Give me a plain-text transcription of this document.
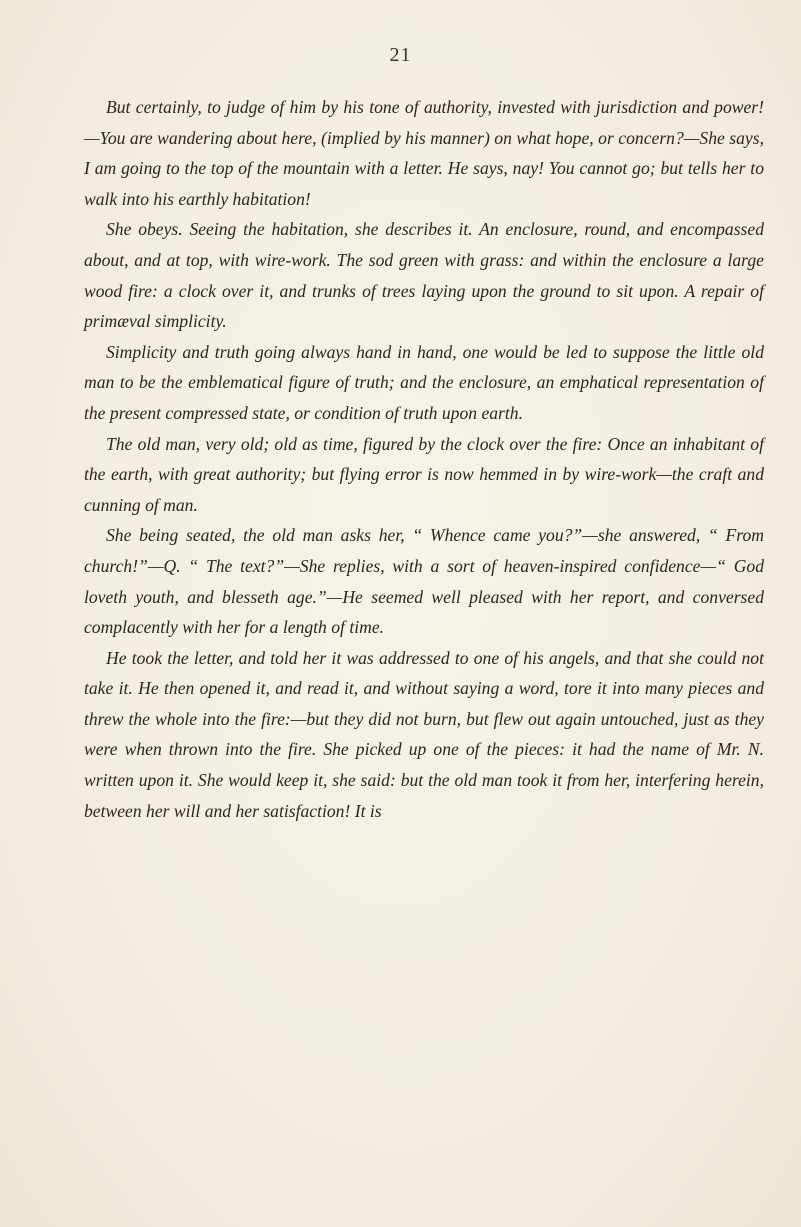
21

But certainly, to judge of him by his tone of authority, invested with jurisdiction and power!—You are wandering about here, (implied by his manner) on what hope, or concern?—She says, I am going to the top of the mountain with a letter. He says, nay! You cannot go; but tells her to walk into his earthly habitation!

She obeys. Seeing the habitation, she describes it. An enclosure, round, and encompassed about, and at top, with wire-work. The sod green with grass: and within the enclosure a large wood fire: a clock over it, and trunks of trees laying upon the ground to sit upon. A repair of primæval simplicity.

Simplicity and truth going always hand in hand, one would be led to suppose the little old man to be the emblematical figure of truth; and the enclosure, an emphatical representation of the present compressed state, or condition of truth upon earth.

The old man, very old; old as time, figured by the clock over the fire: Once an inhabitant of the earth, with great authority; but flying error is now hemmed in by wire-work—the craft and cunning of man.

She being seated, the old man asks her, “ Whence came you?”—she answered, “ From church!”—Q. “ The text?”—She replies, with a sort of heaven-inspired confidence—“ God loveth youth, and blesseth age.”—He seemed well pleased with her report, and conversed complacently with her for a length of time.

He took the letter, and told her it was addressed to one of his angels, and that she could not take it. He then opened it, and read it, and without saying a word, tore it into many pieces and threw the whole into the fire:—but they did not burn, but flew out again untouched, just as they were when thrown into the fire. She picked up one of the pieces: it had the name of Mr. N. written upon it. She would keep it, she said: but the old man took it from her, interfering herein, between her will and her satisfaction! It is
